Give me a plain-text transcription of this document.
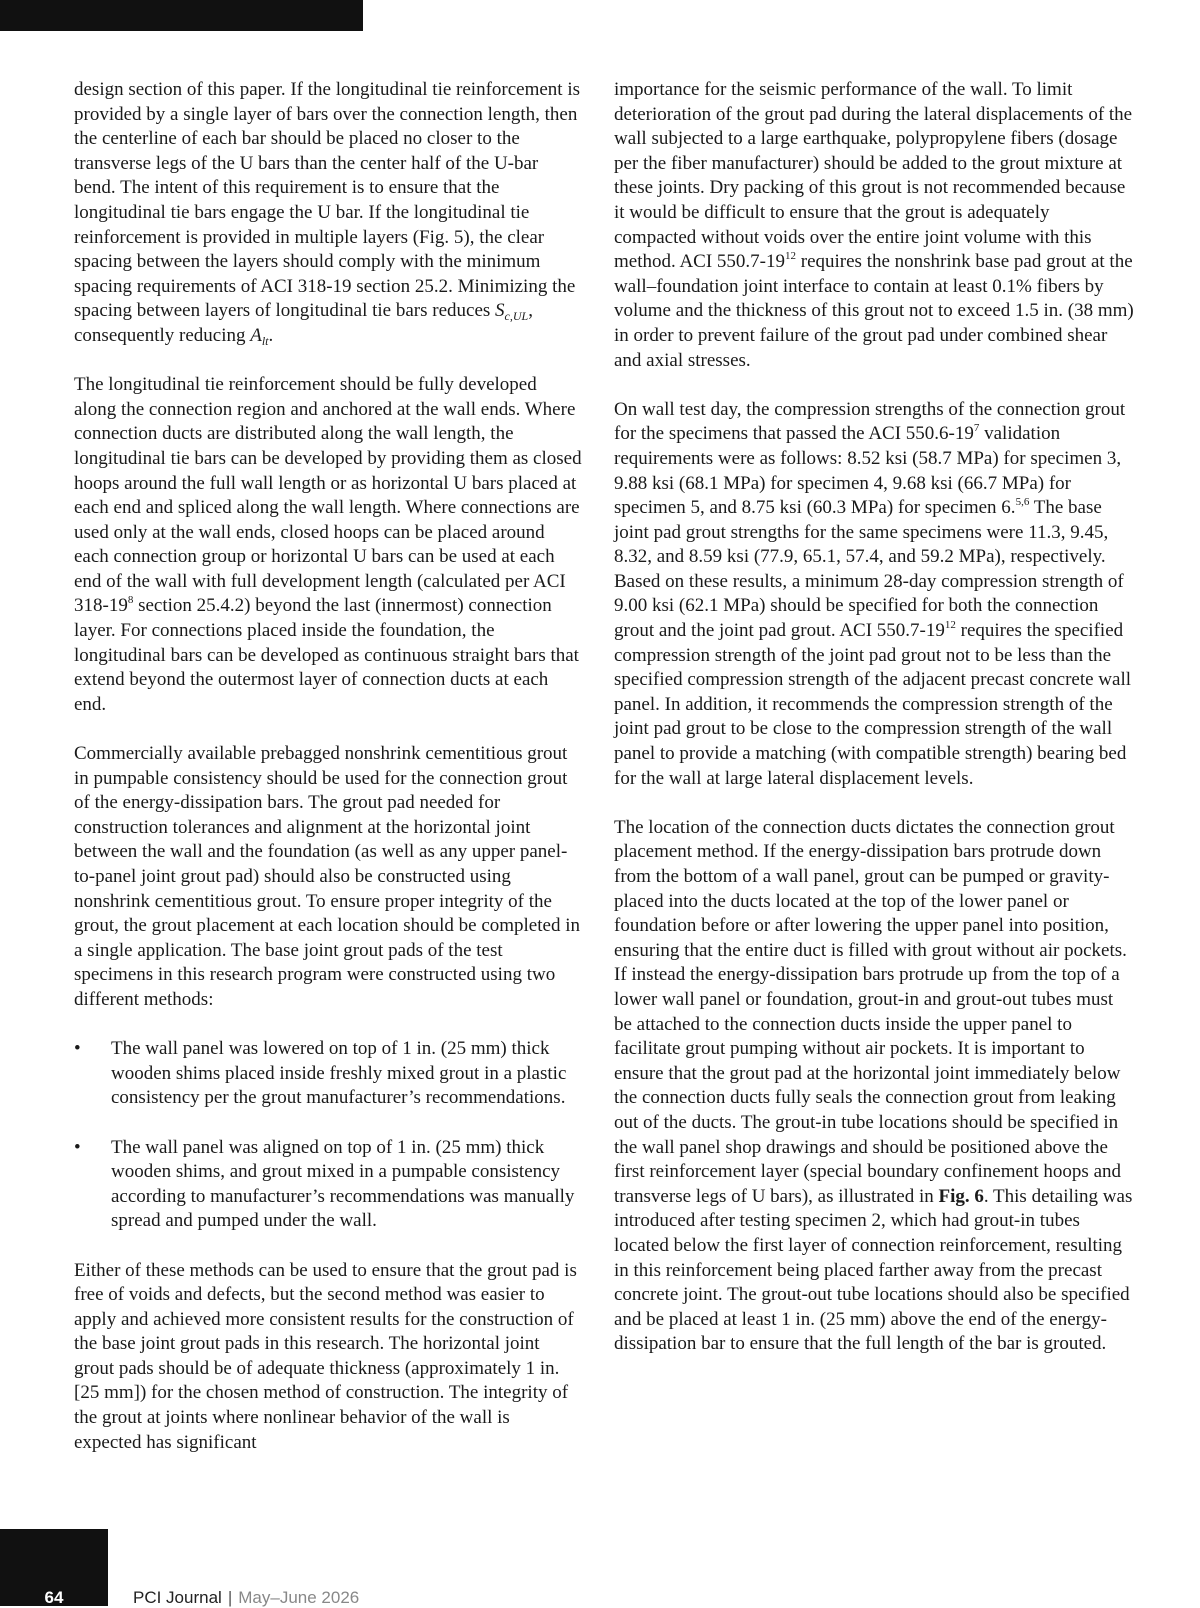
design section of this paper. If the longitudinal tie reinforcement is provided by a single layer of bars over the connection length, then the centerline of each bar should be placed no closer to the transverse legs of the U bars than the center half of the U-bar bend. The intent of this requirement is to ensure that the longitudinal tie bars engage the U bar. If the longitudinal tie reinforcement is provided in multiple layers (Fig. 5), the clear spacing between the layers should comply with the minimum spacing requirements of ACI 318-19 section 25.2. Minimizing the spacing between layers of longitudinal tie bars reduces $S_{c,UL}$, consequently reducing $A_{lt}$.

The longitudinal tie reinforcement should be fully developed along the connection region and anchored at the wall ends. Where connection ducts are distributed along the wall length, the longitudinal tie bars can be developed by providing them as closed hoops around the full wall length or as horizontal U bars placed at each end and spliced along the wall length. Where connections are used only at the wall ends, closed hoops can be placed around each connection group or horizontal U bars can be used at each end of the wall with full development length (calculated per ACI $318-19^8$ section 25.4.2) beyond the last (innermost) connection layer. For connections placed inside the foundation, the longitudinal bars can be developed as continuous straight bars that extend beyond the outermost layer of connection ducts at each end.

Commercially available prebagged nonshrink cementitious grout in pumpable consistency should be used for the connection grout of the energy-dissipation bars. The grout pad needed for construction tolerances and alignment at the horizontal joint between the wall and the foundation (as well as any upper panel-to-panel joint grout pad) should also be constructed using nonshrink cementitious grout. To ensure proper integrity of the grout, the grout placement at each location should be completed in a single application. The base joint grout pads of the test specimens in this research program were constructed using two different methods:

• The wall panel was lowered on top of 1 in. (25 mm) thick wooden shims placed inside freshly mixed grout in a plastic consistency per the grout manufacturer’s recommendations.
• The wall panel was aligned on top of 1 in. (25 mm) thick wooden shims, and grout mixed in a pumpable consistency according to manufacturer’s recommendations was manually spread and pumped under the wall.

Either of these methods can be used to ensure that the grout pad is free of voids and defects, but the second method was easier to apply and achieved more consistent results for the construction of the base joint grout pads in this research. The horizontal joint grout pads should be of adequate thickness (approximately 1 in. [25 mm]) for the chosen method of construction. The integrity of the grout at joints where nonlinear behavior of the wall is expected has significant

importance for the seismic performance of the wall. To limit deterioration of the grout pad during the lateral displacements of the wall subjected to a large earthquake, polypropylene fibers (dosage per the fiber manufacturer) should be added to the grout mixture at these joints. Dry packing of this grout is not recommended because it would be difficult to ensure that the grout is adequately compacted without voids over the entire joint volume with this method. ACI $550.7-19^{12}$ requires the nonshrink base pad grout at the wall–foundation joint interface to contain at least 0.1% fibers by volume and the thickness of this grout not to exceed 1.5 in. (38 mm) in order to prevent failure of the grout pad under combined shear and axial stresses.

On wall test day, the compression strengths of the connection grout for the specimens that passed the ACI $550.6-19^7$ validation requirements were as follows: 8.52 ksi (58.7 MPa) for specimen 3, 9.88 ksi (68.1 MPa) for specimen 4, 9.68 ksi (66.7 MPa) for specimen 5, and 8.75 ksi (60.3 MPa) for specimen 6.$^{5,6}$ The base joint pad grout strengths for the same specimens were 11.3, 9.45, 8.32, and 8.59 ksi (77.9, 65.1, 57.4, and 59.2 MPa), respectively. Based on these results, a minimum 28-day compression strength of 9.00 ksi (62.1 MPa) should be specified for both the connection grout and the joint pad grout. ACI $550.7-19^{12}$ requires the specified compression strength of the joint pad grout not to be less than the specified compression strength of the adjacent precast concrete wall panel. In addition, it recommends the compression strength of the joint pad grout to be close to the compression strength of the wall panel to provide a matching (with compatible strength) bearing bed for the wall at large lateral displacement levels.

The location of the connection ducts dictates the connection grout placement method. If the energy-dissipation bars protrude down from the bottom of a wall panel, grout can be pumped or gravity-placed into the ducts located at the top of the lower panel or foundation before or after lowering the upper panel into position, ensuring that the entire duct is filled with grout without air pockets. If instead the energy-dissipation bars protrude up from the top of a lower wall panel or foundation, grout-in and grout-out tubes must be attached to the connection ducts inside the upper panel to facilitate grout pumping without air pockets. It is important to ensure that the grout pad at the horizontal joint immediately below the connection ducts fully seals the connection grout from leaking out of the ducts. The grout-in tube locations should be specified in the wall panel shop drawings and should be positioned above the first reinforcement layer (special boundary confinement hoops and transverse legs of U bars), as illustrated in Fig. 6. This detailing was introduced after testing specimen 2, which had grout-in tubes located below the first layer of connection reinforcement, resulting in this reinforcement being placed farther away from the precast concrete joint. The grout-out tube locations should also be specified and be placed at least 1 in. (25 mm) above the end of the energy-dissipation bar to ensure that the full length of the bar is grouted.

64	PCI Journal | May–June 2026
